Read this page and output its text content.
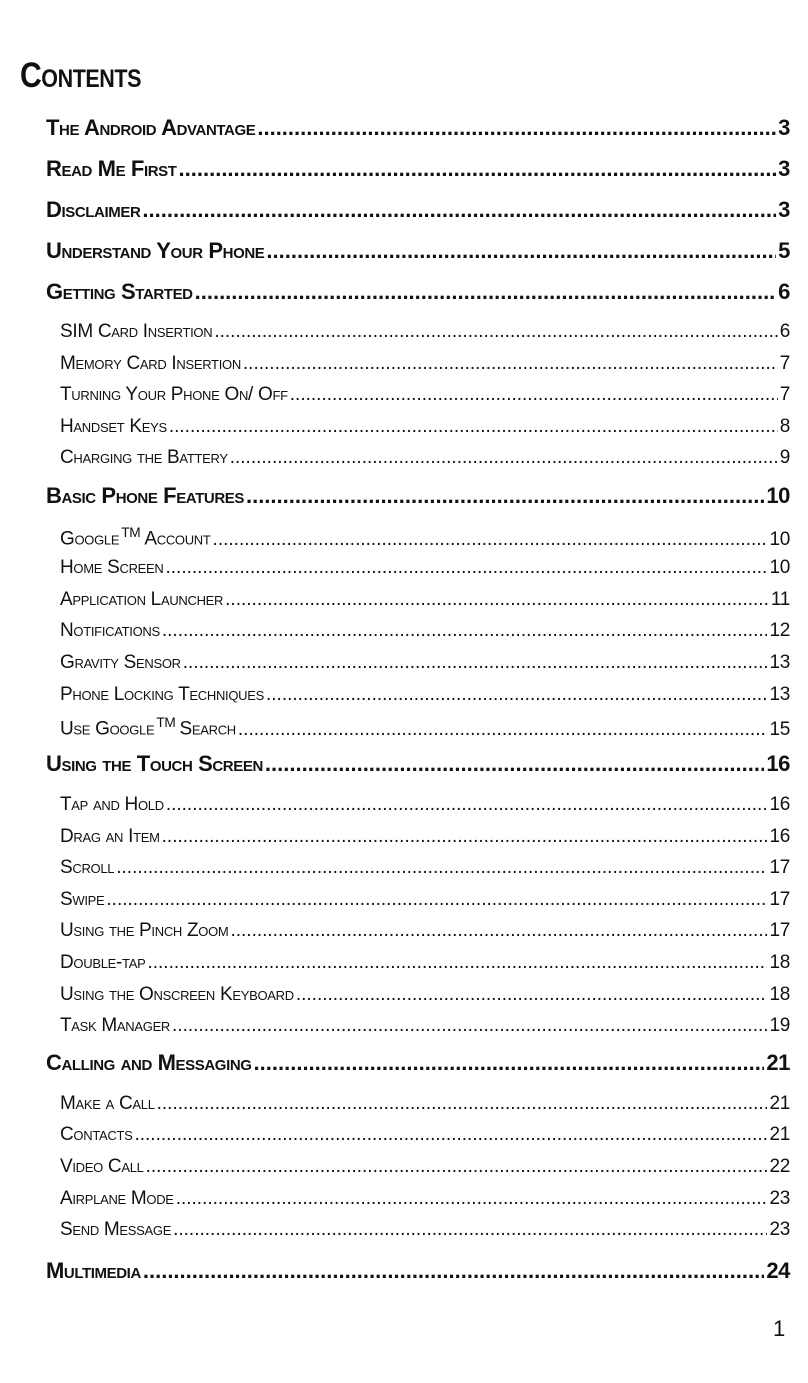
Contents
The Android Advantage .....	3
Read Me First .....	3
Disclaimer .....	3
Understand Your Phone .....	5
Getting Started .....	6
SIM Card Insertion .....	6
Memory Card Insertion .....	7
Turning Your Phone On/ Off .....	7
Handset Keys .....	8
Charging the Battery .....	9
Basic Phone Features .....	10
Google ™ Account .....	10
Home Screen .....	10
Application Launcher .....	11
Notifications .....	12
Gravity Sensor .....	13
Phone Locking Techniques .....	13
Use Google ™ Search .....	15
Using the Touch Screen .....	16
Tap and Hold .....	16
Drag an Item .....	16
Scroll .....	17
Swipe .....	17
Using the Pinch Zoom .....	17
Double-tap .....	18
Using the Onscreen Keyboard .....	18
Task Manager .....	19
Calling and Messaging .....	21
Make a Call .....	21
Contacts .....	21
Video Call .....	22
Airplane Mode .....	23
Send Message .....	23
Multimedia .....	24
1
